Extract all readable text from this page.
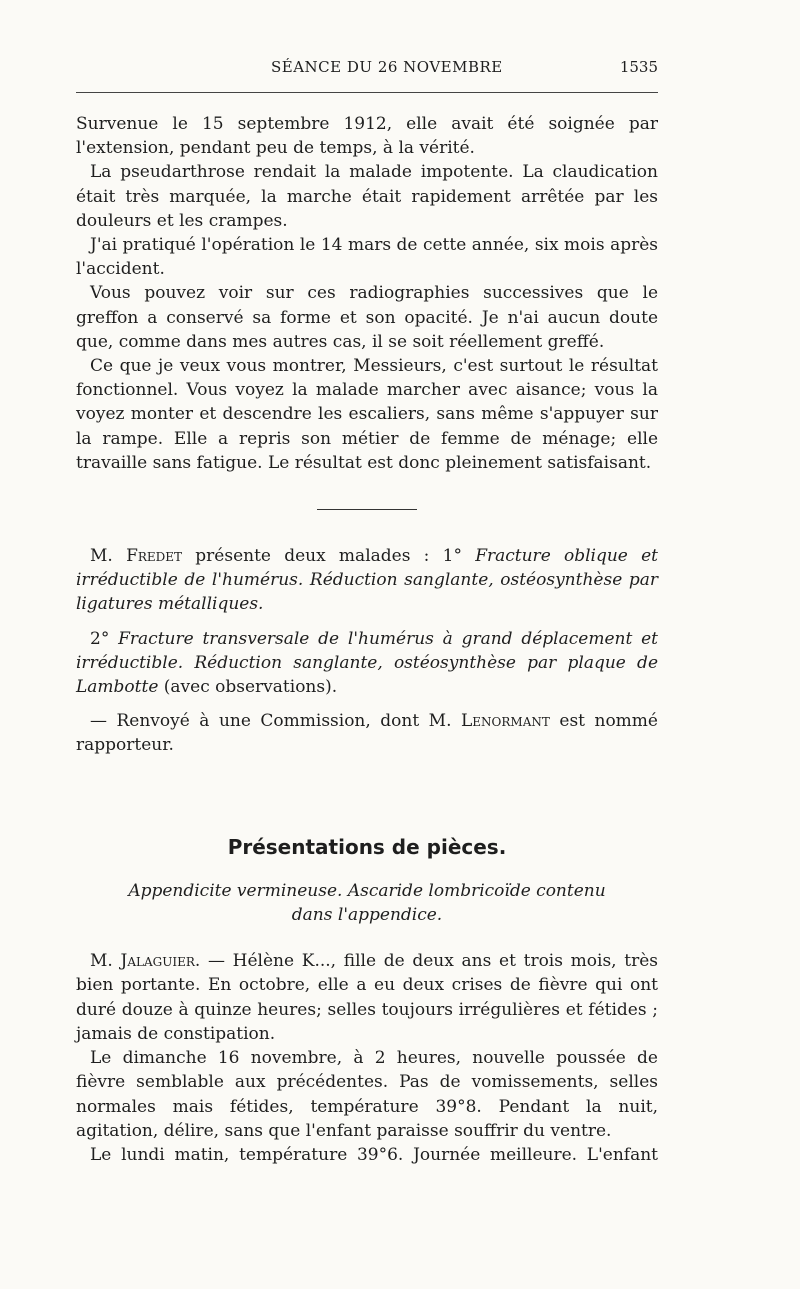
SÉANCE DU 26 NOVEMBRE	1535

Survenue le 15 septembre 1912, elle avait été soignée par l'extension, pendant peu de temps, à la vérité.

La pseudarthrose rendait la malade impotente. La claudication était très marquée, la marche était rapidement arrêtée par les douleurs et les crampes.

J'ai pratiqué l'opération le 14 mars de cette année, six mois après l'accident.

Vous pouvez voir sur ces radiographies successives que le greffon a conservé sa forme et son opacité. Je n'ai aucun doute que, comme dans mes autres cas, il se soit réellement greffé.

Ce que je veux vous montrer, Messieurs, c'est surtout le résultat fonctionnel. Vous voyez la malade marcher avec aisance; vous la voyez monter et descendre les escaliers, sans même s'appuyer sur la rampe. Elle a repris son métier de femme de ménage; elle travaille sans fatigue. Le résultat est donc pleinement satisfaisant.

M. Fredet présente deux malades : 1° Fracture oblique et irréductible de l'humérus. Réduction sanglante, ostéosynthèse par ligatures métalliques.

2° Fracture transversale de l'humérus à grand déplacement et irréductible. Réduction sanglante, ostéosynthèse par plaque de Lambotte (avec observations).

— Renvoyé à une Commission, dont M. Lenormant est nommé rapporteur.

Présentations de pièces.
Appendicite vermineuse. Ascaride lombricoïde contenu
dans l'appendice.

M. Jalaguier. — Hélène K..., fille de deux ans et trois mois, très bien portante. En octobre, elle a eu deux crises de fièvre qui ont duré douze à quinze heures; selles toujours irrégulières et fétides ; jamais de constipation.

Le dimanche 16 novembre, à 2 heures, nouvelle poussée de fièvre semblable aux précédentes. Pas de vomissements, selles normales mais fétides, température 39°8. Pendant la nuit, agitation, délire, sans que l'enfant paraisse souffrir du ventre.

Le lundi matin, température 39°6. Journée meilleure. L'enfant
